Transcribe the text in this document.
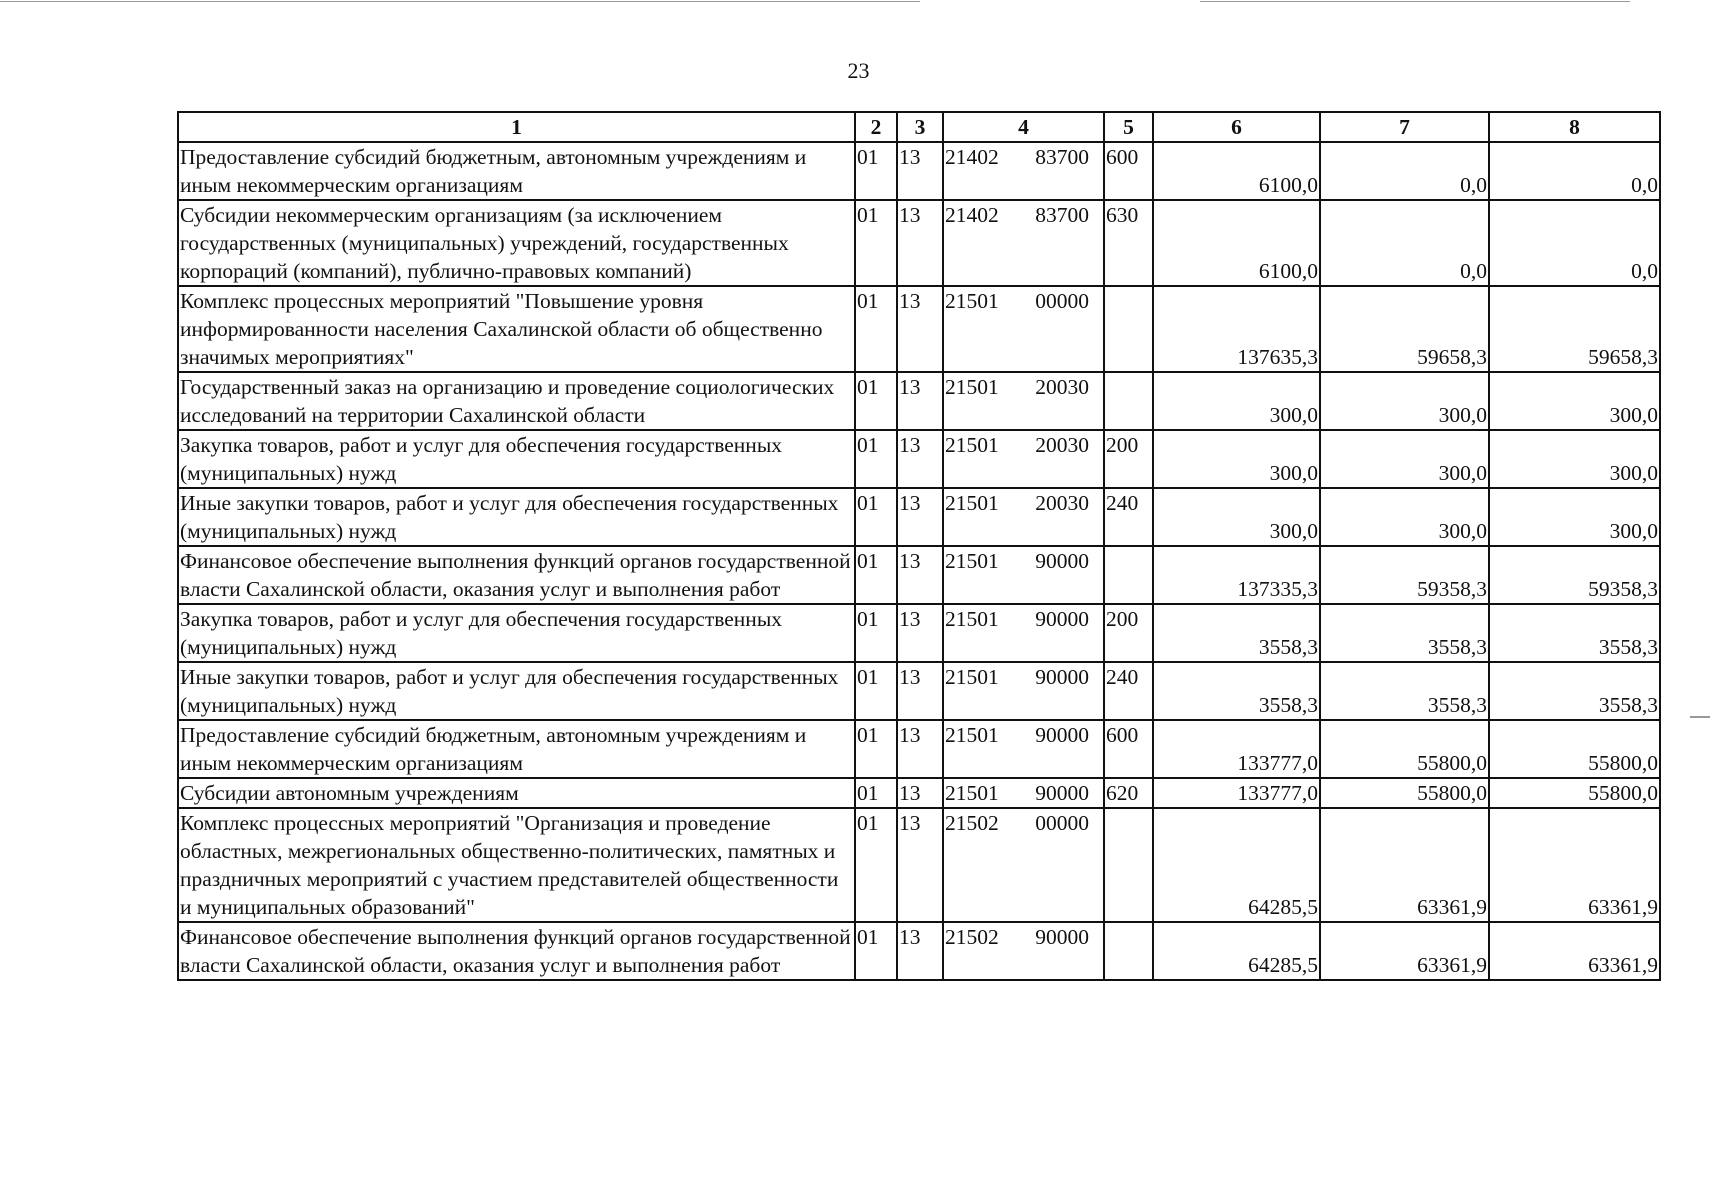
23
1	2	3	4	5	6	7	8
Предоставление субсидий бюджетным, автономным учреждениям и иным некоммерческим организациям	01	13	21402 83700	600	6100,0	0,0	0,0
Субсидии некоммерческим организациям (за исключением государственных (муниципальных) учреждений, государственных корпораций (компаний), публично-правовых компаний)	01	13	21402 83700	630	6100,0	0,0	0,0
Комплекс процессных мероприятий "Повышение уровня информированности населения Сахалинской области об общественно значимых мероприятиях"	01	13	21501 00000		137635,3	59658,3	59658,3
Государственный заказ на организацию и проведение социологических исследований на территории Сахалинской области	01	13	21501 20030		300,0	300,0	300,0
Закупка товаров, работ и услуг для обеспечения государственных (муниципальных) нужд	01	13	21501 20030	200	300,0	300,0	300,0
Иные закупки товаров, работ и услуг для обеспечения государственных (муниципальных) нужд	01	13	21501 20030	240	300,0	300,0	300,0
Финансовое обеспечение выполнения функций органов государственной власти Сахалинской области, оказания услуг и выполнения работ	01	13	21501 90000		137335,3	59358,3	59358,3
Закупка товаров, работ и услуг для обеспечения государственных (муниципальных) нужд	01	13	21501 90000	200	3558,3	3558,3	3558,3
Иные закупки товаров, работ и услуг для обеспечения государственных (муниципальных) нужд	01	13	21501 90000	240	3558,3	3558,3	3558,3
Предоставление субсидий бюджетным, автономным учреждениям и иным некоммерческим организациям	01	13	21501 90000	600	133777,0	55800,0	55800,0
Субсидии автономным учреждениям	01	13	21501 90000	620	133777,0	55800,0	55800,0
Комплекс процессных мероприятий "Организация и проведение областных, межрегиональных общественно-политических, памятных и праздничных мероприятий с участием представителей общественности и муниципальных образований"	01	13	21502 00000		64285,5	63361,9	63361,9
Финансовое обеспечение выполнения функций органов государственной власти Сахалинской области, оказания услуг и выполнения работ	01	13	21502 90000		64285,5	63361,9	63361,9
